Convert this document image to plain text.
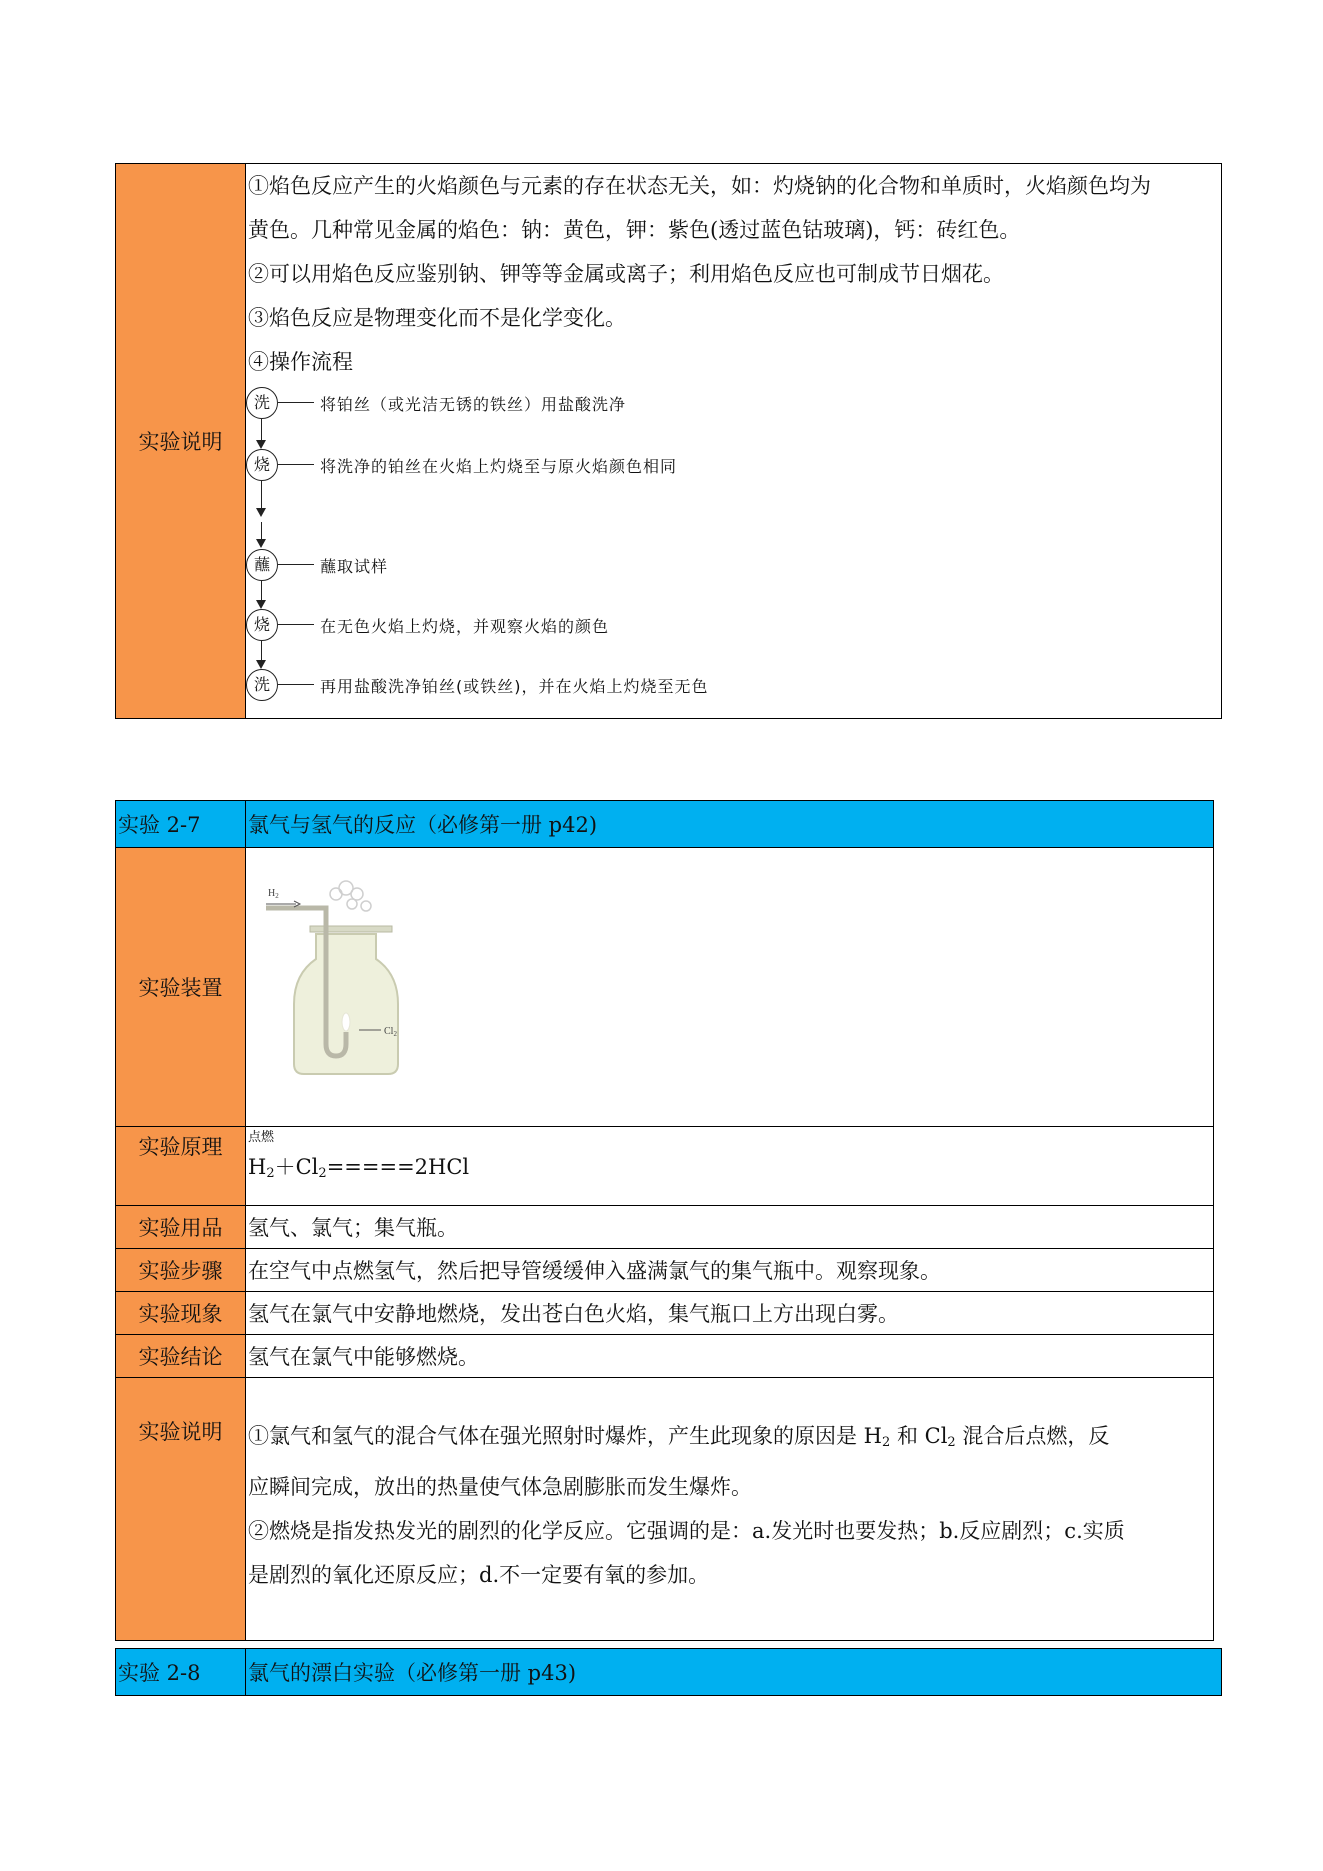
实验说明	
①焰色反应产生的火焰颜色与元素的存在状态无关，如：灼烧钠的化合物和单质时，火焰颜色均为
黄色。几种常见金属的焰色：钠：黄色，钾：紫色(透过蓝色钴玻璃)，钙：砖红色。
②可以用焰色反应鉴别钠、钾等等金属或离子；利用焰色反应也可制成节日烟花。
③焰色反应是物理变化而不是化学变化。
④操作流程
洗	将铂丝（或光洁无锈的铁丝）用盐酸洗净
烧	将洗净的铂丝在火焰上灼烧至与原火焰颜色相同
蘸	蘸取试样
烧	在无色火焰上灼烧，并观察火焰的颜色
洗	再用盐酸洗净铂丝(或铁丝)，并在火焰上灼烧至无色
实验 2-7	氯气与氢气的反应（必修第一册 p42)
实验装置	$H_2$
$Cl_2$

实验原理	点燃
$H_2+Cl_2=====2HCl$

实验用品	氢气、氯气；集气瓶。
实验步骤	在空气中点燃氢气，然后把导管缓缓伸入盛满氯气的集气瓶中。观察现象。
实验现象	氢气在氯气中安静地燃烧，发出苍白色火焰，集气瓶口上方出现白雾。
实验结论	氢气在氯气中能够燃烧。
实验说明	①氯气和氢气的混合气体在强光照射时爆炸，产生此现象的原因是 $H_2$ 和 $Cl_2$ 混合后点燃，反
应瞬间完成，放出的热量使气体急剧膨胀而发生爆炸。
②燃烧是指发热发光的剧烈的化学反应。它强调的是：a.发光时也要发热；b.反应剧烈；c.实质
是剧烈的氧化还原反应；d.不一定要有氧的参加。
实验 2-8	氯气的漂白实验（必修第一册 p43)
